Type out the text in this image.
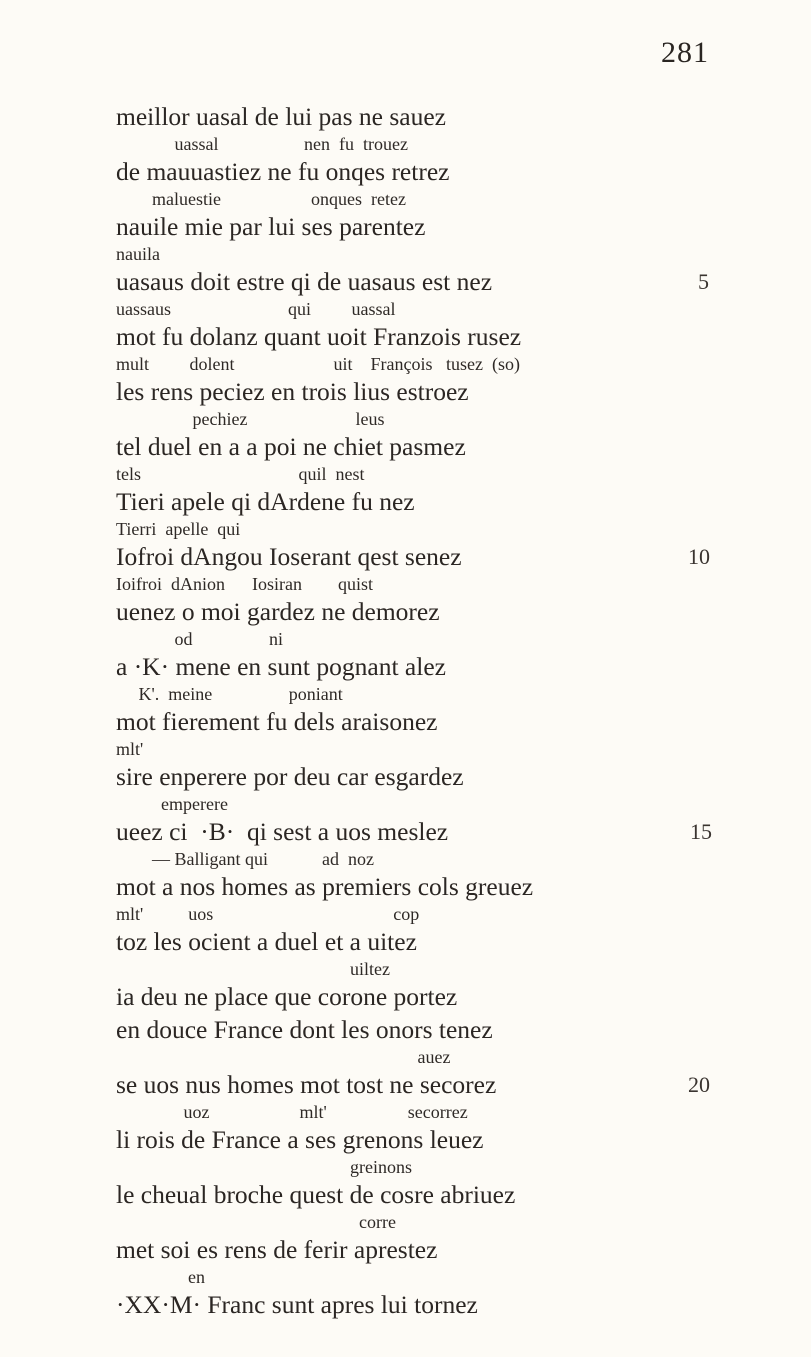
281
meillor uasal de lui pas ne sauez
uassal                   nen  fu  trouez
de mauuastiez ne fu onqes retrez
maluestie                    onques  retez
nauile mie par lui ses parentez
nauila
uasaus doit estre qi de uasaus est nez	5
uassaus                          qui         uassal
mot fu dolanz quant uoit Franzois rusez
mult         dolent                      uit    François   tusez  (so)
les rens peciez en trois lius estroez
pechiez                        leus
tel duel en a a poi ne chiet pasmez
tels                                   quil  nest
Tieri apele qi dArdene fu nez
Tierri  apelle  qui
Iofroi dAngou Ioserant qest senez	10
Ioifroi  dAnion      Iosiran        quist
uenez o moi gardez ne demorez
od                 ni
a ·K· mene en sunt pognant alez
K'.  meine                 poniant
mot fierement fu dels araisonez
mlt'
sire enperere por deu car esgardez
emperere
ueez ci  ·B·  qi sest a uos meslez	15
— Balligant qui            ad  noz
mot a nos homes as premiers cols greuez
mlt'          uos                                        cop
toz les ocient a duel et a uitez
uiltez
ia deu ne place que corone portez
en douce France dont les onors tenez
auez
se uos nus homes mot tost ne secorez	20
uoz                    mlt'                  secorrez
li rois de France a ses grenons leuez
greinons
le cheual broche quest de cosre abriuez
corre
met soi es rens de ferir aprestez
en
·XX·M· Franc sunt apres lui tornez
